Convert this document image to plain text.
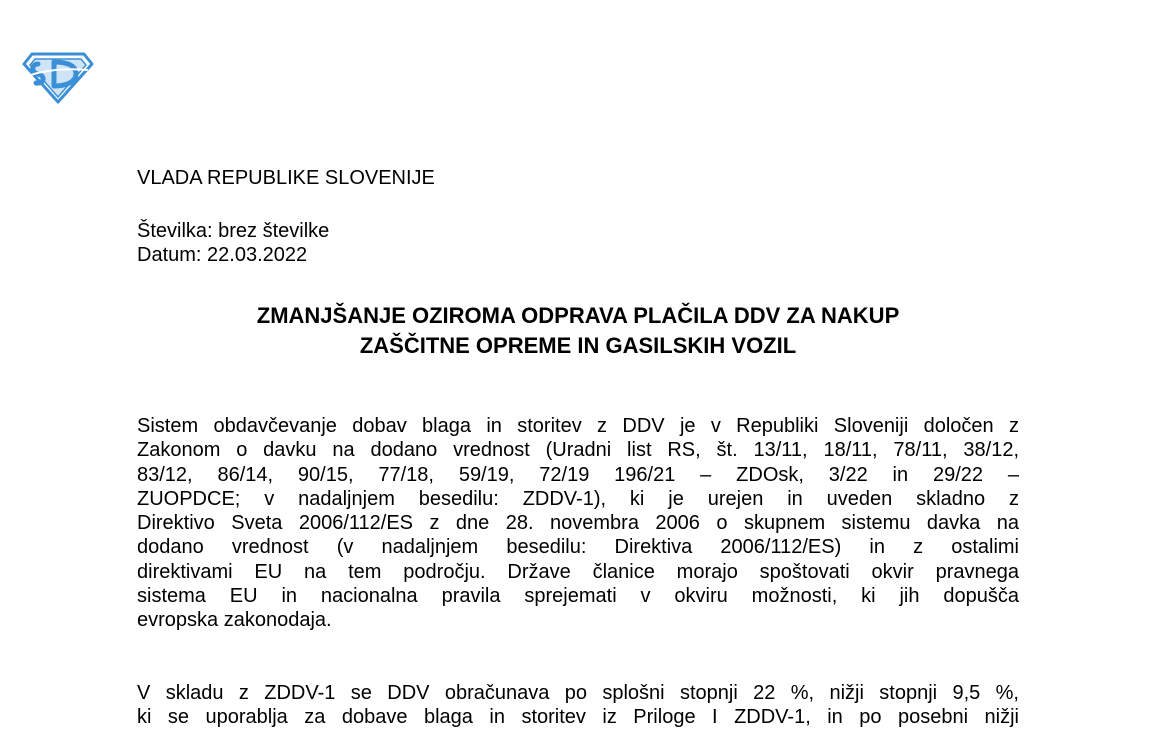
VLADA REPUBLIKE SLOVENIJE
Številka: brez številke
Datum: 22.03.2022
ZMANJŠANJE OZIROMA ODPRAVA PLAČILA DDV ZA NAKUP
ZAŠČITNE OPREME IN GASILSKIH VOZIL
Sistem obdavčevanje dobav blaga in storitev z DDV je v Republiki Sloveniji določen z
Zakonom o davku na dodano vrednost (Uradni list RS, št. 13/11, 18/11, 78/11, 38/12,
83/12, 86/14, 90/15, 77/18, 59/19, 72/19 196/21 – ZDOsk, 3/22 in 29/22 –
ZUOPDCE; v nadaljnjem besedilu: ZDDV-1), ki je urejen in uveden skladno z
Direktivo Sveta 2006/112/ES z dne 28. novembra 2006 o skupnem sistemu davka na
dodano vrednost (v nadaljnjem besedilu: Direktiva 2006/112/ES) in z ostalimi
direktivami EU na tem področju. Države članice morajo spoštovati okvir pravnega
sistema EU in nacionalna pravila sprejemati v okviru možnosti, ki jih dopušča
evropska zakonodaja.
V skladu z ZDDV-1 se DDV obračunava po splošni stopnji 22 %, nižji stopnji 9,5 %,
ki se uporablja za dobave blaga in storitev iz Priloge I ZDDV-1, in po posebni nižji
